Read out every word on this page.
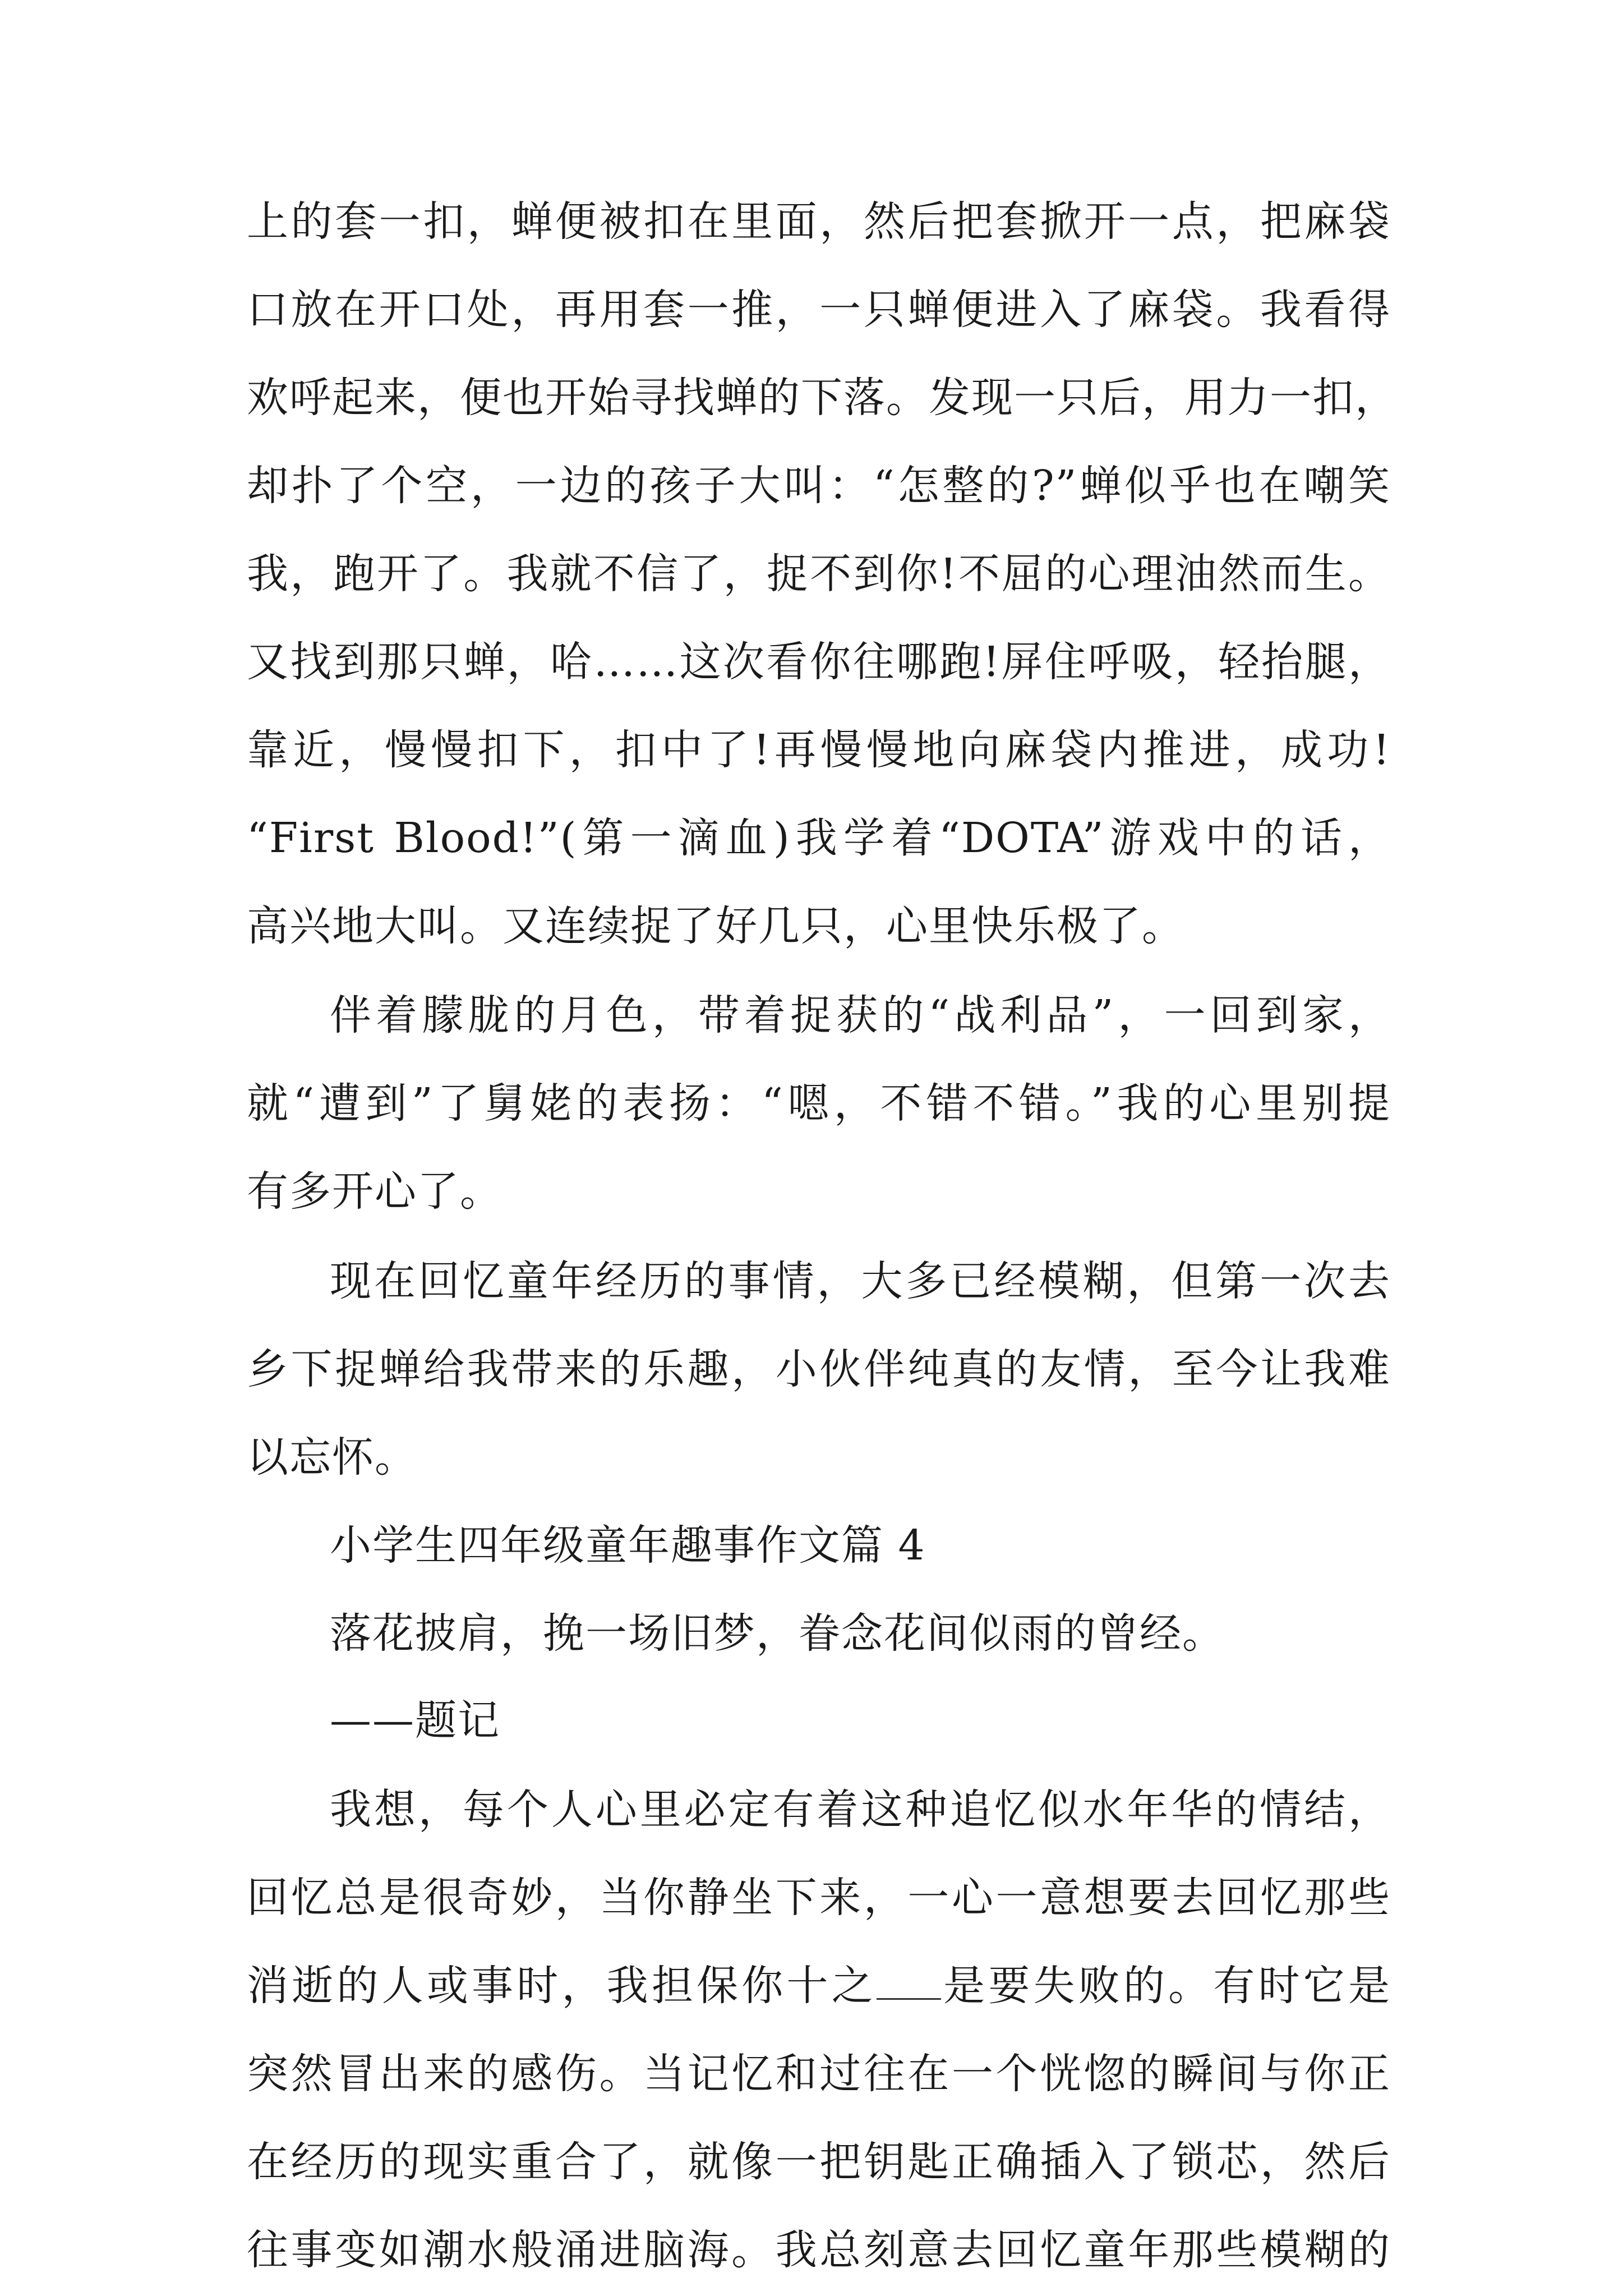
上的套一扣，蝉便被扣在里面，然后把套掀开一点，把麻袋
口放在开口处，再用套一推，一只蝉便进入了麻袋。我看得
欢呼起来，便也开始寻找蝉的下落。发现一只后，用力一扣，
却扑了个空，一边的孩子大叫：“怎整的?”蝉似乎也在嘲笑
我，跑开了。我就不信了，捉不到你!不屈的心理油然而生。
又找到那只蝉，哈……这次看你往哪跑!屏住呼吸，轻抬腿，
靠近，慢慢扣下，扣中了!再慢慢地向麻袋内推进，成功!
“First Blood!”(第一滴血)我学着“DOTA”游戏中的话，
高兴地大叫。又连续捉了好几只，心里快乐极了。
伴着朦胧的月色，带着捉获的“战利品”，一回到家，
就“遭到”了舅姥的表扬：“嗯，不错不错。”我的心里别提
有多开心了。
现在回忆童年经历的事情，大多已经模糊，但第一次去
乡下捉蝉给我带来的乐趣，小伙伴纯真的友情，至今让我难
以忘怀。
小学生四年级童年趣事作文篇 4
落花披肩，挽一场旧梦，眷念花间似雨的曾经。
——题记
我想，每个人心里必定有着这种追忆似水年华的情结，
回忆总是很奇妙，当你静坐下来，一心一意想要去回忆那些
消逝的人或事时，我担保你十之 是要失败的。有时它是
突然冒出来的感伤。当记忆和过往在一个恍惚的瞬间与你正
在经历的现实重合了，就像一把钥匙正确插入了锁芯，然后
往事变如潮水般涌进脑海。我总刻意去回忆童年那些模糊的
